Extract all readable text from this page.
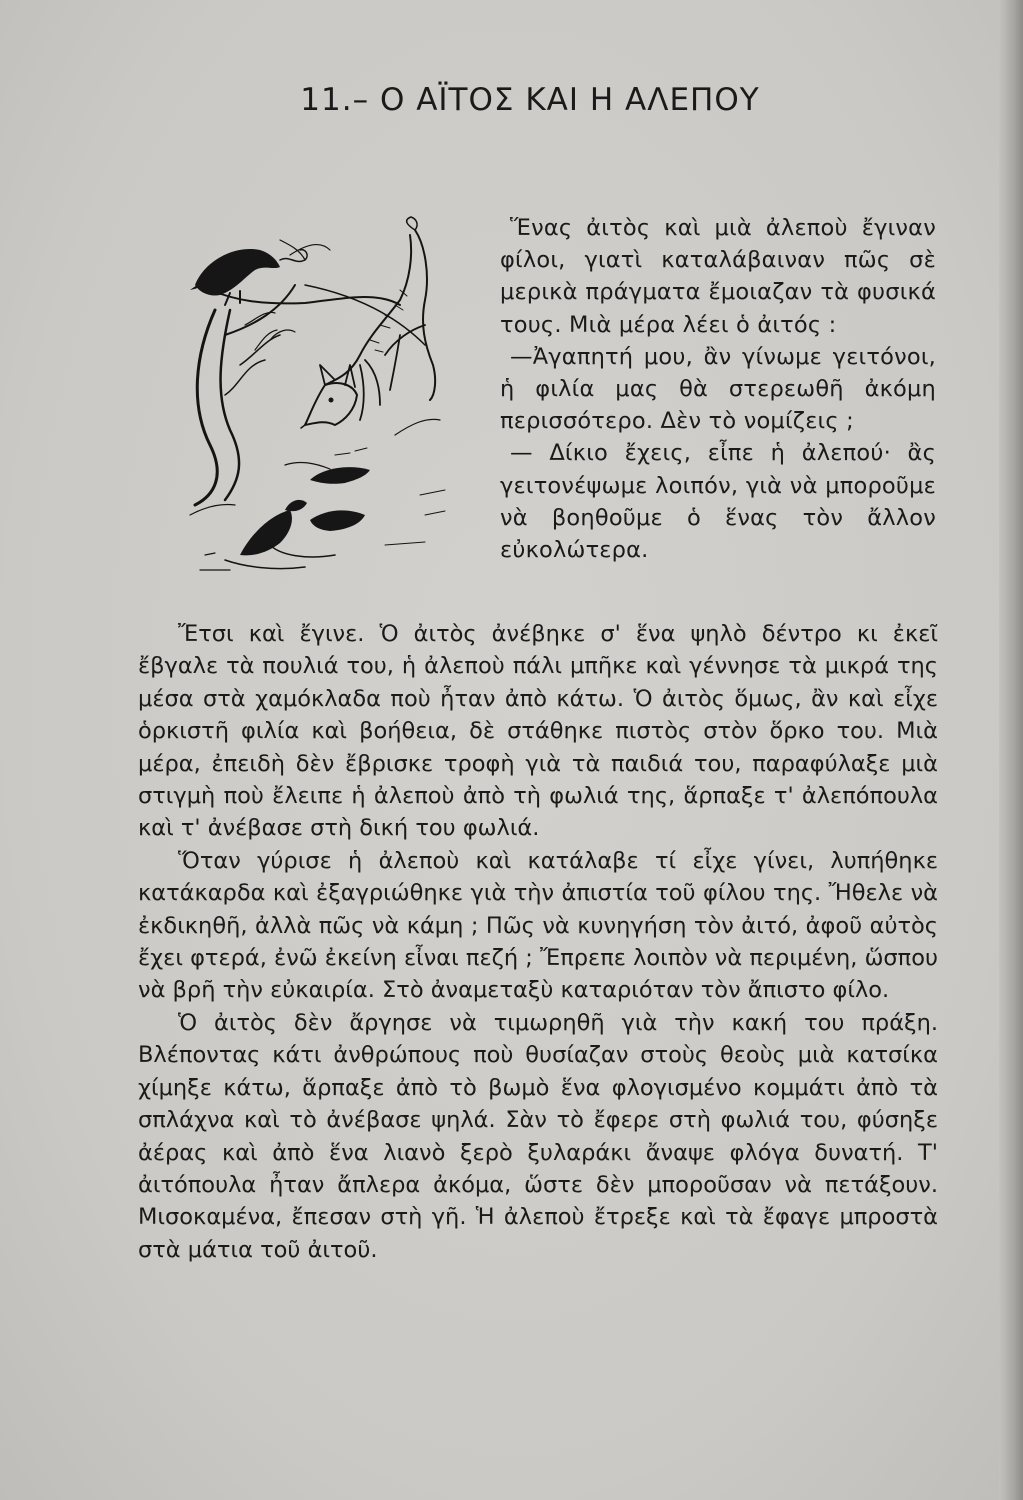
11.– Ο ΑΪΤΟΣ ΚΑΙ Η ΑΛΕΠΟΥ

Ἕνας ἀιτὸς καὶ μιὰ ἀλεποὺ ἔγιναν φίλοι, γιατὶ καταλάβαιναν πῶς σὲ μερικὰ πράγματα ἔμοιαζαν τὰ φυσικά τους. Μιὰ μέρα λέει ὁ ἀιτός :

—Ἀγαπητή μου, ἂν γίνωμε γειτόνοι, ἡ φιλία μας θὰ στερεωθῆ ἀκόμη περισσότερο. Δὲν τὸ νομίζεις ;

— Δίκιο ἔχεις, εἶπε ἡ ἀλεπού· ἂς γειτονέψωμε λοιπόν, γιὰ νὰ μποροῦμε νὰ βοηθοῦμε ὁ ἕνας τὸν ἄλλον εὐκολώτερα.

Ἔτσι καὶ ἔγινε. Ὁ ἀιτὸς ἀνέβηκε σ' ἕνα ψηλὸ δέντρο κι ἐκεῖ ἔβγαλε τὰ πουλιά του, ἡ ἀλεποὺ πάλι μπῆκε καὶ γέννησε τὰ μικρά της μέσα στὰ χαμόκλαδα ποὺ ἦταν ἀπὸ κάτω. Ὁ ἀιτὸς ὅμως, ἂν καὶ εἶχε ὁρκιστῆ φιλία καὶ βοήθεια, δὲ στάθηκε πιστὸς στὸν ὅρκο του. Μιὰ μέρα, ἐπειδὴ δὲν ἔβρισκε τροφὴ γιὰ τὰ παιδιά του, παραφύλαξε μιὰ στιγμὴ ποὺ ἔλειπε ἡ ἀλεποὺ ἀπὸ τὴ φωλιά της, ἅρπαξε τ' ἀλεπόπουλα καὶ τ' ἀνέβασε στὴ δική του φωλιά.

Ὅταν γύρισε ἡ ἀλεποὺ καὶ κατάλαβε τί εἶχε γίνει, λυπήθηκε κατάκαρδα καὶ ἐξαγριώθηκε γιὰ τὴν ἀπιστία τοῦ φίλου της. Ἤθελε νὰ ἐκδικηθῆ, ἀλλὰ πῶς νὰ κάμη ; Πῶς νὰ κυνηγήση τὸν ἀιτό, ἀφοῦ αὐτὸς ἔχει φτερά, ἐνῶ ἐκείνη εἶναι πεζή ; Ἔπρεπε λοιπὸν νὰ περιμένη, ὥσπου νὰ βρῆ τὴν εὐκαιρία. Στὸ ἀναμεταξὺ καταριόταν τὸν ἄπιστο φίλο.

Ὁ ἀιτὸς δὲν ἄργησε νὰ τιμωρηθῆ γιὰ τὴν κακή του πράξη. Βλέποντας κάτι ἀνθρώπους ποὺ θυσίαζαν στοὺς θεοὺς μιὰ κατσίκα χίμηξε κάτω, ἅρπαξε ἀπὸ τὸ βωμὸ ἕνα φλογισμένο κομμάτι ἀπὸ τὰ σπλάχνα καὶ τὸ ἀνέβασε ψηλά. Σὰν τὸ ἔφερε στὴ φωλιά του, φύσηξε ἀέρας καὶ ἀπὸ ἕνα λιανὸ ξερὸ ξυλαράκι ἄναψε φλόγα δυνατή. Τ' ἀιτόπουλα ἦταν ἄπλερα ἀκόμα, ὥστε δὲν μποροῦσαν νὰ πετάξουν. Μισοκαμένα, ἔπεσαν στὴ γῆ. Ἡ ἀλεποὺ ἔτρεξε καὶ τὰ ἔφαγε μπροστὰ στὰ μάτια τοῦ ἀιτοῦ.
